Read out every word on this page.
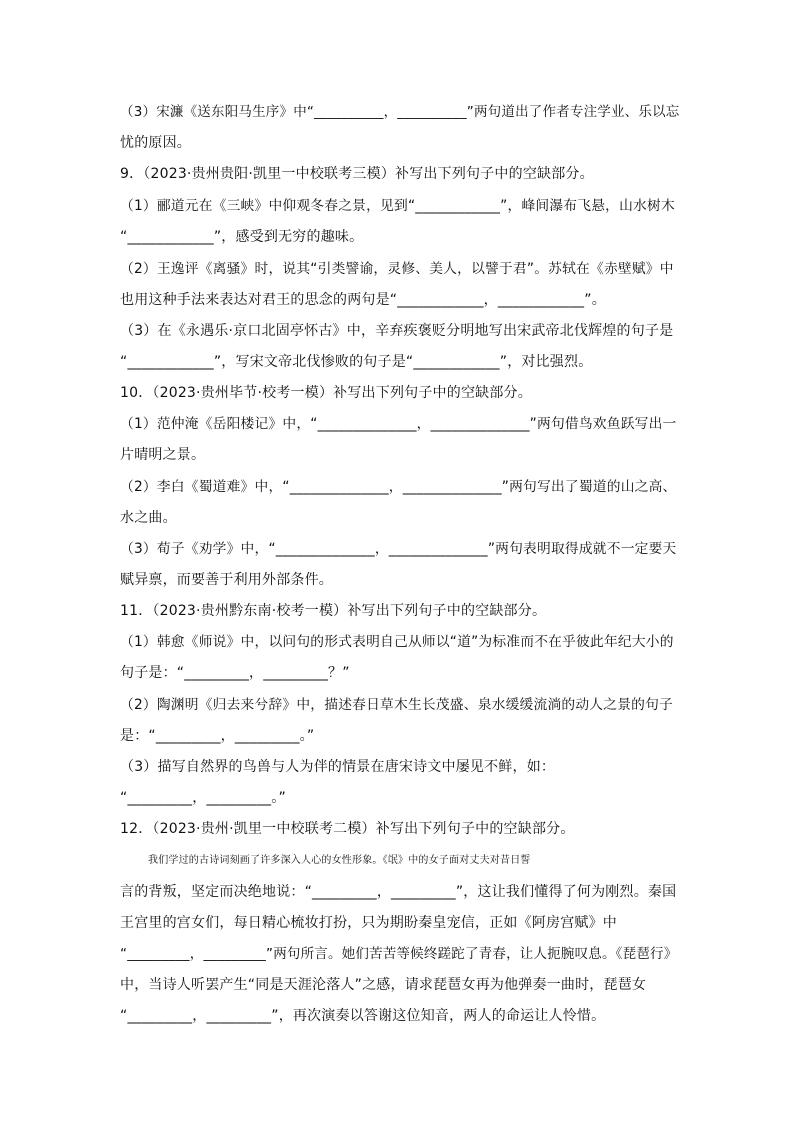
（3）宋濂《送东阳马生序》中“__________，__________”两句道出了作者专注学业、乐以忘
忧的原因。
9．（2023·贵州贵阳·凯里一中校联考三模）补写出下列句子中的空缺部分。
（1）郦道元在《三峡》中仰观冬春之景，见到“____________”，峰间瀑布飞悬，山水树木
“____________”，感受到无穷的趣味。
（2）王逸评《离骚》时，说其“引类譬谕，灵修、美人，以譬于君”。苏轼在《赤壁赋》中
也用这种手法来表达对君王的思念的两句是“____________，____________”。
（3）在《永遇乐·京口北固亭怀古》中，辛弃疾褒贬分明地写出宋武帝北伐辉煌的句子是
“____________”，写宋文帝北伐惨败的句子是“____________”，对比强烈。
10．（2023·贵州毕节·校考一模）补写出下列句子中的空缺部分。
（1）范仲淹《岳阳楼记》中，“______________，______________”两句借鸟欢鱼跃写出一
片晴明之景。
（2）李白《蜀道难》中，“______________，______________”两句写出了蜀道的山之高、
水之曲。
（3）荀子《劝学》中，“______________，______________”两句表明取得成就不一定要天
赋异禀，而要善于利用外部条件。
11．（2023·贵州黔东南·校考一模）补写出下列句子中的空缺部分。
（1）韩愈《师说》中，以问句的形式表明自己从师以“道”为标准而不在乎彼此年纪大小的
句子是：“_________，_________？”
（2）陶渊明《归去来兮辞》中，描述春日草木生长茂盛、泉水缓缓流淌的动人之景的句子
是：“_________，_________。”
（3）描写自然界的鸟兽与人为伴的情景在唐宋诗文中屡见不鲜，如：
“_________，_________。”
12．（2023·贵州·凯里一中校联考二模）补写出下列句子中的空缺部分。
我们学过的古诗词刻画了许多深入人心的女性形象。《氓》中的女子面对丈夫对昔日誓
言的背叛，坚定而决绝地说：“_________，_________”，这让我们懂得了何为刚烈。秦国
王宫里的宫女们，每日精心梳妆打扮，只为期盼秦皇宠信，正如《阿房宫赋》中
“_________，_________”两句所言。她们苦苦等候终蹉跎了青春，让人扼腕叹息。《琵琶行》
中，当诗人听罢产生“同是天涯沦落人”之感，请求琵琶女再为他弹奏一曲时，琵琶女
“_________，_________”，再次演奏以答谢这位知音，两人的命运让人怜惜。
